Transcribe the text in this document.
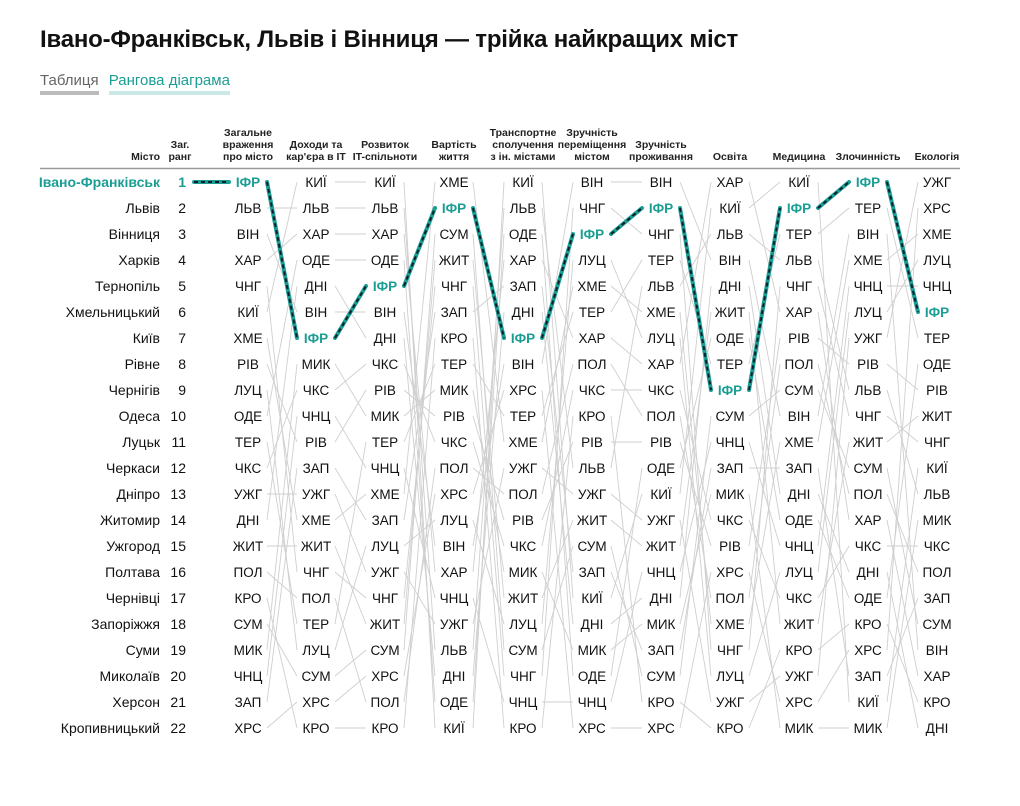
Івано-Франківськ, Львів і Вінниця — трійка найкращих міст
Таблиця Рангова діаграма
Місто
Заг.
ранг
Загальне
враження
про місто
Доходи та
кар'єра в ІТ
Розвиток
IT-спільноти
Вартість
життя
Транспортне
сполучення
з ін. містами
Зручність
переміщення
містом
Зручність
проживання Освіта Медицина Злочинність Екологія
Івано-Франківськ 1
Львів 2
Вінниця 3
Харків 4
Тернопіль 5
Хмельницький 6
Київ 7
Рівне 8
Чернігів 9
Одеса 10
Луцьк 11
Черкаси 12
Дніпро 13
Житомир 14
Ужгород 15
Полтава 16
Чернівці 17
Запоріжжя 18
Суми 19
Миколаїв 20
Херсон 21
Кропивницький 22
ІФР
ЛЬВ
ВІН
ХАР
ЧНГ
КИЇ
ХМЕ
РІВ
ЛУЦ
ОДЕ
ТЕР
ЧКС
УЖГ
ДНІ
ЖИТ
ПОЛ
КРО
СУМ
МИК
ЧНЦ
ЗАП
ХРС
КИЇ
ЛЬВ
ХАР
ОДЕ
ДНІ
ВІН
ІФР
МИК
ЧКС
ЧНЦ
РІВ
ЗАП
УЖГ
ХМЕ
ЖИТ
ЧНГ
ПОЛ
ТЕР
ЛУЦ
СУМ
ХРС
КРО
КИЇ
ЛЬВ
ХАР
ОДЕ
ІФР
ВІН
ДНІ
ЧКС
РІВ
МИК
ТЕР
ЧНЦ
ХМЕ
ЗАП
ЛУЦ
УЖГ
ЧНГ
ЖИТ
СУМ
ХРС
ПОЛ
КРО
ХМЕ
ІФР
СУМ
ЖИТ
ЧНГ
ЗАП
КРО
ТЕР
МИК
РІВ
ЧКС
ПОЛ
ХРС
ЛУЦ
ВІН
ХАР
ЧНЦ
УЖГ
ЛЬВ
ДНІ
ОДЕ
КИЇ
КИЇ
ЛЬВ
ОДЕ
ХАР
ЗАП
ДНІ
ІФР
ВІН
ХРС
ТЕР
ХМЕ
УЖГ
ПОЛ
РІВ
ЧКС
МИК
ЖИТ
ЛУЦ
СУМ
ЧНГ
ЧНЦ
КРО
ВІН
ЧНГ
ІФР
ЛУЦ
ХМЕ
ТЕР
ХАР
ПОЛ
ЧКС
КРО
РІВ
ЛЬВ
УЖГ
ЖИТ
СУМ
ЗАП
КИЇ
ДНІ
МИК
ОДЕ
ЧНЦ
ХРС
ВІН
ІФР
ЧНГ
ТЕР
ЛЬВ
ХМЕ
ЛУЦ
ХАР
ЧКС
ПОЛ
РІВ
ОДЕ
КИЇ
УЖГ
ЖИТ
ЧНЦ
ДНІ
МИК
ЗАП
СУМ
КРО
ХРС
ХАР
КИЇ
ЛЬВ
ВІН
ДНІ
ЖИТ
ОДЕ
ТЕР
ІФР
СУМ
ЧНЦ
ЗАП
МИК
ЧКС
РІВ
ХРС
ПОЛ
ХМЕ
ЧНГ
ЛУЦ
УЖГ
КРО
КИЇ
ІФР
ТЕР
ЛЬВ
ЧНГ
ХАР
РІВ
ПОЛ
СУМ
ВІН
ХМЕ
ЗАП
ДНІ
ОДЕ
ЧНЦ
ЛУЦ
ЧКС
ЖИТ
КРО
УЖГ
ХРС
МИК
ІФР
ТЕР
ВІН
ХМЕ
ЧНЦ
ЛУЦ
УЖГ
РІВ
ЛЬВ
ЧНГ
ЖИТ
СУМ
ПОЛ
ХАР
ЧКС
ДНІ
ОДЕ
КРО
ХРС
ЗАП
КИЇ
МИК
УЖГ
ХРС
ХМЕ
ЛУЦ
ЧНЦ
ІФР
ТЕР
ОДЕ
РІВ
ЖИТ
ЧНГ
КИЇ
ЛЬВ
МИК
ЧКС
ПОЛ
ЗАП
СУМ
ВІН
ХАР
КРО
ДНІ
